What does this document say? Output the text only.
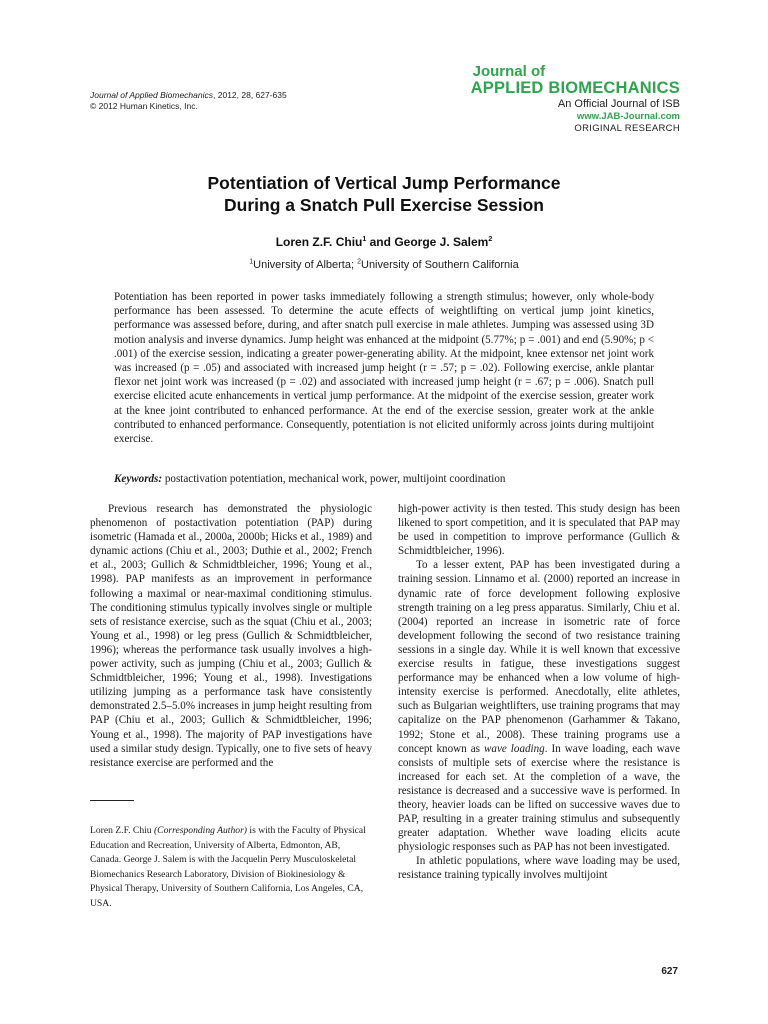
Journal of Applied Biomechanics, 2012, 28, 627-635
© 2012 Human Kinetics, Inc.
Journal of
APPLIED BIOMECHANICS
An Official Journal of ISB
www.JAB-Journal.com
ORIGINAL RESEARCH
Potentiation of Vertical Jump Performance
During a Snatch Pull Exercise Session
Loren Z.F. Chiu$^1$ and George J. Salem$^2$
$^1$University of Alberta; $^2$University of Southern California
Potentiation has been reported in power tasks immediately following a strength stimulus; however, only whole-body performance has been assessed. To determine the acute effects of weightlifting on vertical jump joint kinetics, performance was assessed before, during, and after snatch pull exercise in male athletes. Jumping was assessed using 3D motion analysis and inverse dynamics. Jump height was enhanced at the midpoint (5.77%; p = .001) and end (5.90%; p < .001) of the exercise session, indicating a greater power-generating ability. At the midpoint, knee extensor net joint work was increased (p = .05) and associated with increased jump height (r = .57; p = .02). Following exercise, ankle plantar flexor net joint work was increased (p = .02) and associated with increased jump height (r = .67; p = .006). Snatch pull exercise elicited acute enhancements in vertical jump performance. At the midpoint of the exercise session, greater work at the knee joint contributed to enhanced performance. At the end of the exercise session, greater work at the ankle contributed to enhanced performance. Consequently, potentiation is not elicited uniformly across joints during multijoint exercise.
Keywords: postactivation potentiation, mechanical work, power, multijoint coordination

Previous research has demonstrated the physiologic phenomenon of postactivation potentiation (PAP) during isometric (Hamada et al., 2000a, 2000b; Hicks et al., 1989) and dynamic actions (Chiu et al., 2003; Duthie et al., 2002; French et al., 2003; Gullich & Schmidtbleicher, 1996; Young et al., 1998). PAP manifests as an improvement in performance following a maximal or near-maximal conditioning stimulus. The conditioning stimulus typically involves single or multiple sets of resistance exercise, such as the squat (Chiu et al., 2003; Young et al., 1998) or leg press (Gullich & Schmidtbleicher, 1996); whereas the performance task usually involves a high-power activity, such as jumping (Chiu et al., 2003; Gullich & Schmidtbleicher, 1996; Young et al., 1998). Investigations utilizing jumping as a performance task have consistently demonstrated 2.5–5.0% increases in jump height resulting from PAP (Chiu et al., 2003; Gullich & Schmidtbleicher, 1996; Young et al., 1998). The majority of PAP investigations have used a similar study design. Typically, one to five sets of heavy resistance exercise are performed and the

high-power activity is then tested. This study design has been likened to sport competition, and it is speculated that PAP may be used in competition to improve performance (Gullich & Schmidtbleicher, 1996).

To a lesser extent, PAP has been investigated during a training session. Linnamo et al. (2000) reported an increase in dynamic rate of force development following explosive strength training on a leg press apparatus. Similarly, Chiu et al. (2004) reported an increase in isometric rate of force development following the second of two resistance training sessions in a single day. While it is well known that excessive exercise results in fatigue, these investigations suggest performance may be enhanced when a low volume of high-intensity exercise is performed. Anecdotally, elite athletes, such as Bulgarian weightlifters, use training programs that may capitalize on the PAP phenomenon (Garhammer & Takano, 1992; Stone et al., 2008). These training programs use a concept known as wave loading. In wave loading, each wave consists of multiple sets of exercise where the resistance is increased for each set. At the completion of a wave, the resistance is decreased and a successive wave is performed. In theory, heavier loads can be lifted on successive waves due to PAP, resulting in a greater training stimulus and subsequently greater adaptation. Whether wave loading elicits acute physiologic responses such as PAP has not been investigated.

In athletic populations, where wave loading may be used, resistance training typically involves multijoint

Loren Z.F. Chiu (Corresponding Author) is with the Faculty of Physical Education and Recreation, University of Alberta, Edmonton, AB, Canada. George J. Salem is with the Jacquelin Perry Musculoskeletal Biomechanics Research Laboratory, Division of Biokinesiology & Physical Therapy, University of Southern California, Los Angeles, CA, USA.
627
